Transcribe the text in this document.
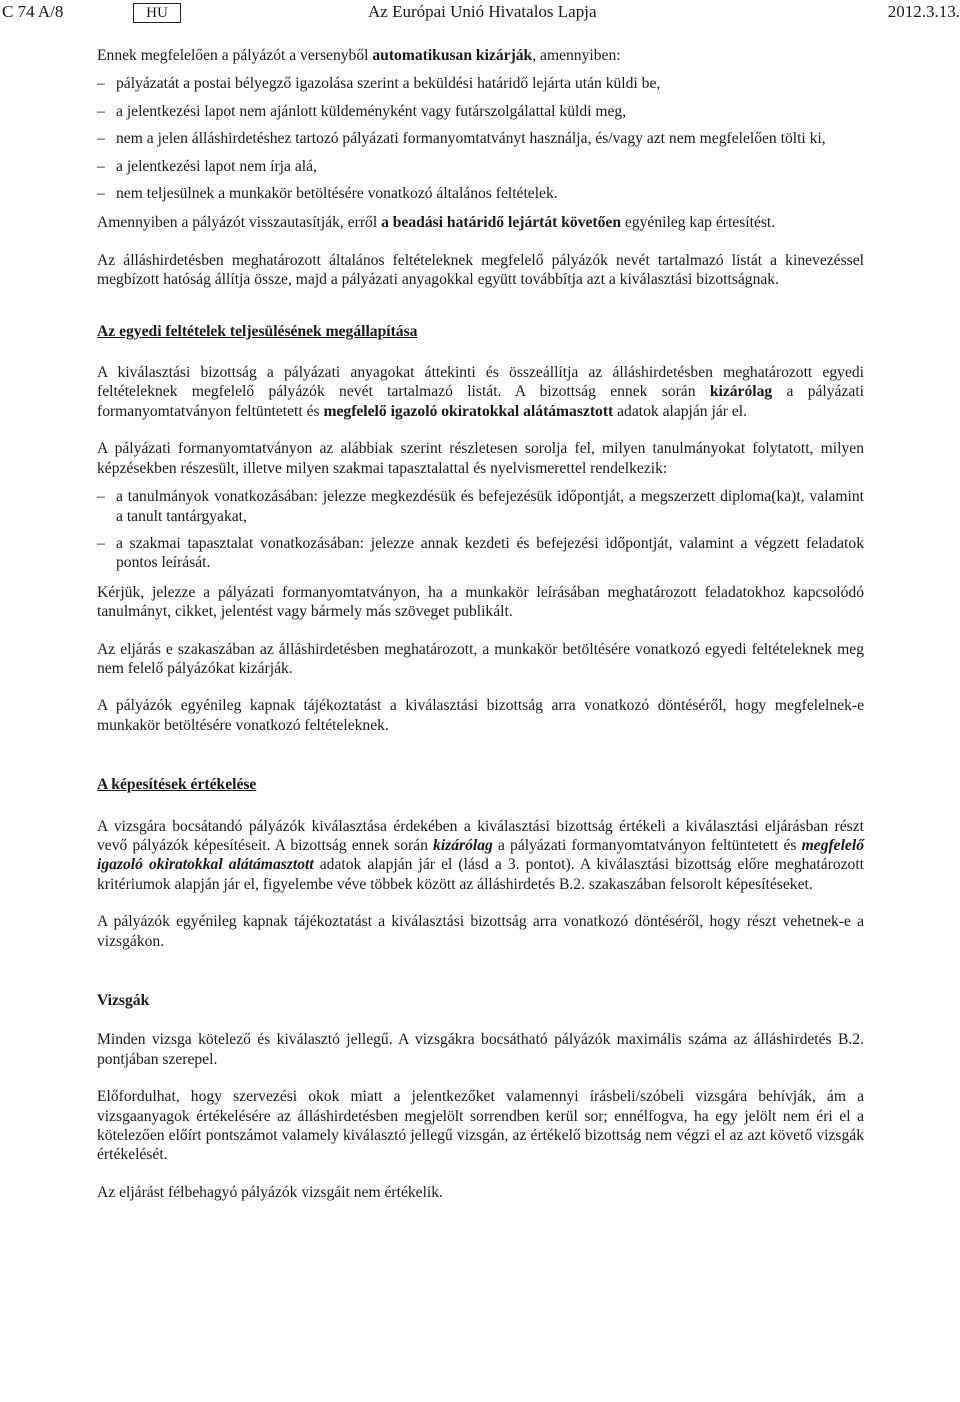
C 74 A/8	HU	Az Európai Unió Hivatalos Lapja	2012.3.13.

Ennek megfelelően a pályázót a versenyből automatikusan kizárják, amennyiben:

– pályázatát a postai bélyegző igazolása szerint a beküldési határidő lejárta után küldi be,
– a jelentkezési lapot nem ajánlott küldeményként vagy futárszolgálattal küldi meg,
– nem a jelen álláshirdetéshez tartozó pályázati formanyomtatványt használja, és/vagy azt nem megfelelően tölti ki,
– a jelentkezési lapot nem írja alá,
– nem teljesülnek a munkakör betöltésére vonatkozó általános feltételek.

Amennyiben a pályázót visszautasítják, erről a beadási határidő lejártát követően egyénileg kap értesítést.

Az álláshirdetésben meghatározott általános feltételeknek megfelelő pályázók nevét tartalmazó listát a kinevezéssel megbízott hatóság állítja össze, majd a pályázati anyagokkal együtt továbbítja azt a kiválasztási bizottságnak.

Az egyedi feltételek teljesülésének megállapítása

A kiválasztási bizottság a pályázati anyagokat áttekinti és összeállítja az álláshirdetésben meghatározott egyedi feltételeknek megfelelő pályázók nevét tartalmazó listát. A bizottság ennek során kizárólag a pályázati formanyomtatványon feltüntetett és megfelelő igazoló okiratokkal alátámasztott adatok alapján jár el.

A pályázati formanyomtatványon az alábbiak szerint részletesen sorolja fel, milyen tanulmányokat folytatott, milyen képzésekben részesült, illetve milyen szakmai tapasztalattal és nyelvismerettel rendelkezik:

– a tanulmányok vonatkozásában: jelezze megkezdésük és befejezésük időpontját, a megszerzett diploma(ka)t, valamint a tanult tantárgyakat,
– a szakmai tapasztalat vonatkozásában: jelezze annak kezdeti és befejezési időpontját, valamint a végzett feladatok pontos leírását.

Kérjük, jelezze a pályázati formanyomtatványon, ha a munkakör leírásában meghatározott feladatokhoz kapcsolódó tanulmányt, cikket, jelentést vagy bármely más szöveget publikált.

Az eljárás e szakaszában az álláshirdetésben meghatározott, a munkakör betöltésére vonatkozó egyedi feltételeknek meg nem felelő pályázókat kizárják.

A pályázók egyénileg kapnak tájékoztatást a kiválasztási bizottság arra vonatkozó döntéséről, hogy megfelelnek-e munkakör betöltésére vonatkozó feltételeknek.

A képesítések értékelése

A vizsgára bocsátandó pályázók kiválasztása érdekében a kiválasztási bizottság értékeli a kiválasztási eljárásban részt vevő pályázók képesítéseit. A bizottság ennek során kizárólag a pályázati formanyomtatványon feltüntetett és megfelelő igazoló okiratokkal alátámasztott adatok alapján jár el (lásd a 3. pontot). A kiválasztási bizottság előre meghatározott kritériumok alapján jár el, figyelembe véve többek között az álláshirdetés B.2. szakaszában felsorolt képesítéseket.

A pályázók egyénileg kapnak tájékoztatást a kiválasztási bizottság arra vonatkozó döntéséről, hogy részt vehetnek-e a vizsgákon.

Vizsgák

Minden vizsga kötelező és kiválasztó jellegű. A vizsgákra bocsátható pályázók maximális száma az álláshirdetés B.2. pontjában szerepel.

Előfordulhat, hogy szervezési okok miatt a jelentkezőket valamennyi írásbeli/szóbeli vizsgára behívják, ám a vizsgaanyagok értékelésére az álláshirdetésben megjelölt sorrendben kerül sor; ennélfogva, ha egy jelölt nem éri el a kötelezően előírt pontszámot valamely kiválasztó jellegű vizsgán, az értékelő bizottság nem végzi el az azt követő vizsgák értékelését.

Az eljárást félbehagyó pályázók vizsgáit nem értékelik.
